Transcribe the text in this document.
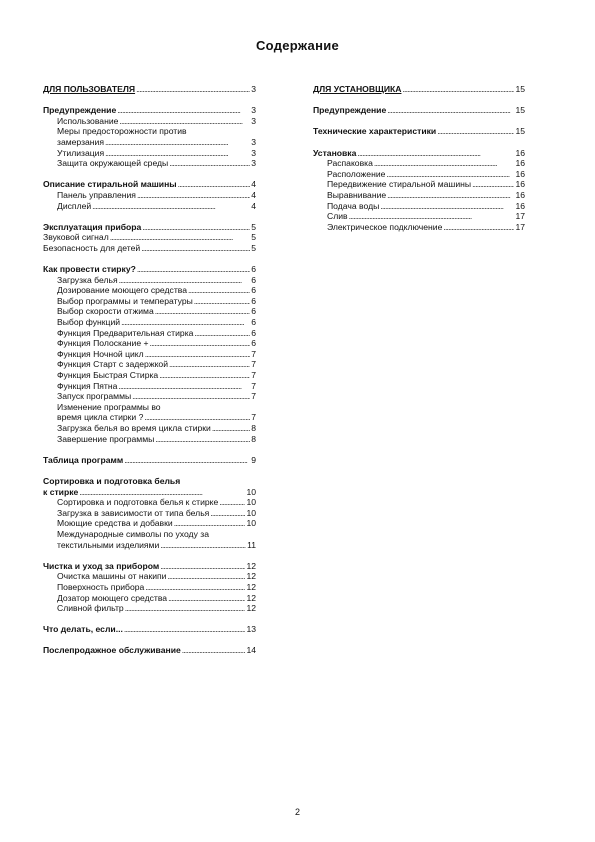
Содержание
ДЛЯ ПОЛЬЗОВАТЕЛЯ . . .	3
Предупреждение . . .	3
Использование . . .	3
Меры предосторожности против
замерзания . . .	3
Утилизация . . .	3
Защита окружающей среды . . .	3
Описание стиральной машины . . .	4
Панель управления . . .	4
Дисплей . . .	4
Эксплуатация прибора . . .	5
Звуковой сигнал . . .	5
Безопасность для детей . . .	5
Как провести стирку? . . .	6
Загрузка белья . . .	6
Дозирование моющего средства . . .	6
Выбор программы и температуры . . .	6
Выбор скорости отжима . . .	6
Выбор функций . . .	6
Функция Предварительная стирка . . .	6
Функция Полоскание + . . .	6
Функция Ночной цикл . . .	7
Функция Старт с задержкой . . .	7
Функция Быстрая Стирка . . .	7
Функция Пятна . . .	7
Запуск программы . . .	7
Изменение программы во
время цикла стирки ? . . .	7
Загрузка белья во время цикла стирки . . .	8
Завершение программы . . .	8
Таблица программ . . .	9
Сортировка и подготовка белья
к стирке . . .	10
Сортировка и подготовка белья к стирке . . .	10
Загрузка в зависимости от типа белья . . .	10
Моющие средства и добавки . . .	10
Международные символы по уходу за
текстильными изделиями . . .	11
Чистка и уход за прибором . . .	12
Очистка машины от накипи . . .	12
Поверхность прибора . . .	12
Дозатор моющего средства . . .	12
Сливной фильтр . . .	12
Что делать, если... . . .	13
Послепродажное обслуживание . . .	14
ДЛЯ УСТАНОВЩИКА . . .	15
Предупреждение . . .	15
Технические характеристики . . .	15
Установка . . .	16
Распаковка . . .	16
Расположение . . .	16
Передвижение стиральной машины . . .	16
Выравнивание . . .	16
Подача воды . . .	16
Слив . . .	17
Электрическое подключение . . .	17
2
